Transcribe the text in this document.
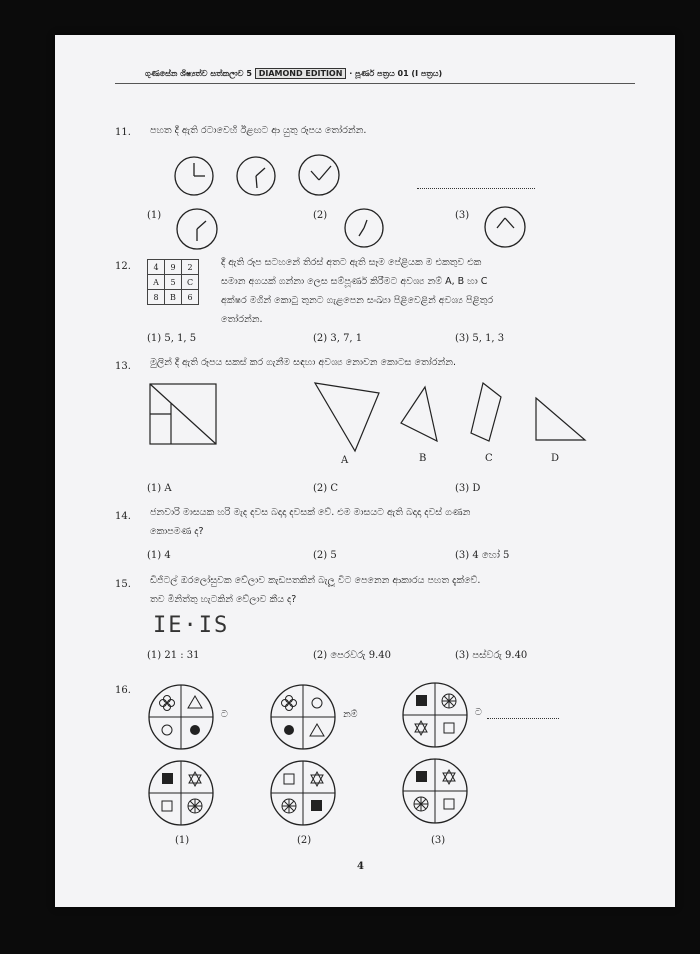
ගුණසේන ශිෂ්‍යත්ව සත්කලාව 5 DIAMOND EDITION · පූර්ණ පත්‍රය 01 (I පත්‍රය)
11. පහත දී ඇති රටාවෙහි ඊළඟට ආ යුතු රූපය තෝරන්න.
(1)	(2)	(3)
12.	4	9	2
A	5	C
8	B	6
දී ඇති රූප සටහනේ තිරස් අතට ඇති සෑම පේළියක ම එකතුව එක
සමාන අගයක් ගන්නා ලෙස සම්පූර්ණ කිරීමට අවශ්‍ය නම් A, B හා C
අක්ෂර මගින් කොටු තුනට ගැළපෙන සංඛ්‍යා පිළිවෙළින් අවශ්‍ය පිළිතුර
තෝරන්න.
(1) 5, 1, 5	(2) 3, 7, 1	(3) 5, 1, 3
13. මුලින් දී ඇති රූපය සකස් කර ගැනීම සඳහා අවශ්‍ය නොවන කොටස තෝරන්න.
A	B	C	D
(1) A	(2) C	(3) D
14. ජනවාරි මාසයක හරි මැද දවස බදාදා දවසක් වේ. එම මාසයට ඇති බදාදා දවස් ගණන
කොපමණ ද?
(1) 4	(2) 5	(3) 4 හෝ 5
15. ඩිජිටල් ඔරලෝසුවක වේලාව කැඩපතකින් බැලූ විට පෙනෙන ආකාරය පහත දැක්වේ.
තව මිනිත්තු හැටකින් වේලාව කීය ද?
IE·IS
(1) 21 : 31	(2) පෙරවරු 9.40	(3) පස්වරු 9.40
16.
ට	නම්	ට
(1)	(2)	(3)
4
